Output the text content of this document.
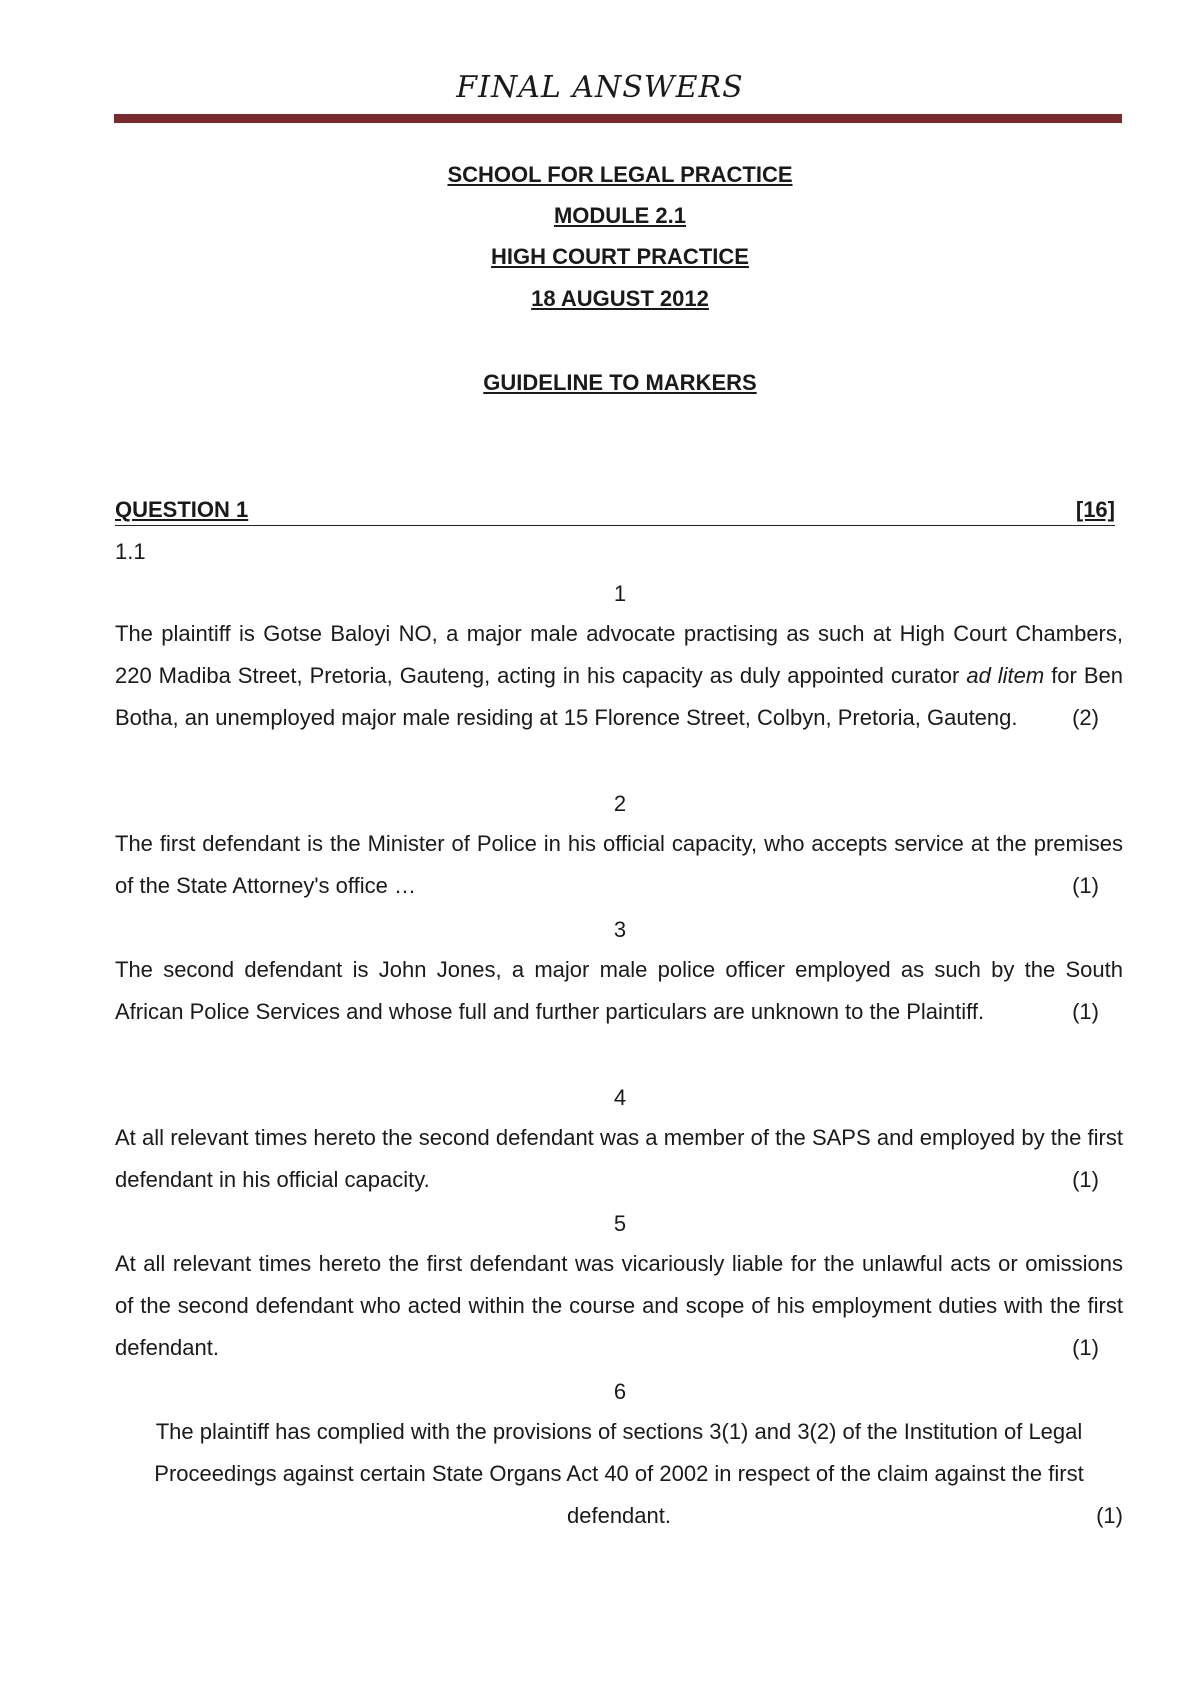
FINAL ANSWERS
SCHOOL FOR LEGAL PRACTICE
MODULE 2.1
HIGH COURT PRACTICE
18 AUGUST 2012
GUIDELINE TO MARKERS
QUESTION 1	[16]
1.1
1
The plaintiff is Gotse Baloyi NO, a major male advocate practising as such at High Court Chambers, 220 Madiba Street, Pretoria, Gauteng, acting in his capacity as duly appointed curator ad litem for Ben Botha, an unemployed major male residing at 15 Florence Street, Colbyn, Pretoria, Gauteng. (2)
2
The first defendant is the Minister of Police in his official capacity, who accepts service at the premises of the State Attorney's office …	(1)
3
The second defendant is John Jones, a major male police officer employed as such by the South African Police Services and whose full and further particulars are unknown to the Plaintiff.	(1)
4
At all relevant times hereto the second defendant was a member of the SAPS and employed by the first defendant in his official capacity.	(1)
5
At all relevant times hereto the first defendant was vicariously liable for the unlawful acts or omissions of the second defendant who acted within the course and scope of his employment duties with the first defendant.	(1)
6
The plaintiff has complied with the provisions of sections 3(1) and 3(2) of the Institution of Legal Proceedings against certain State Organs Act 40 of 2002 in respect of the claim against the first defendant.	(1)
